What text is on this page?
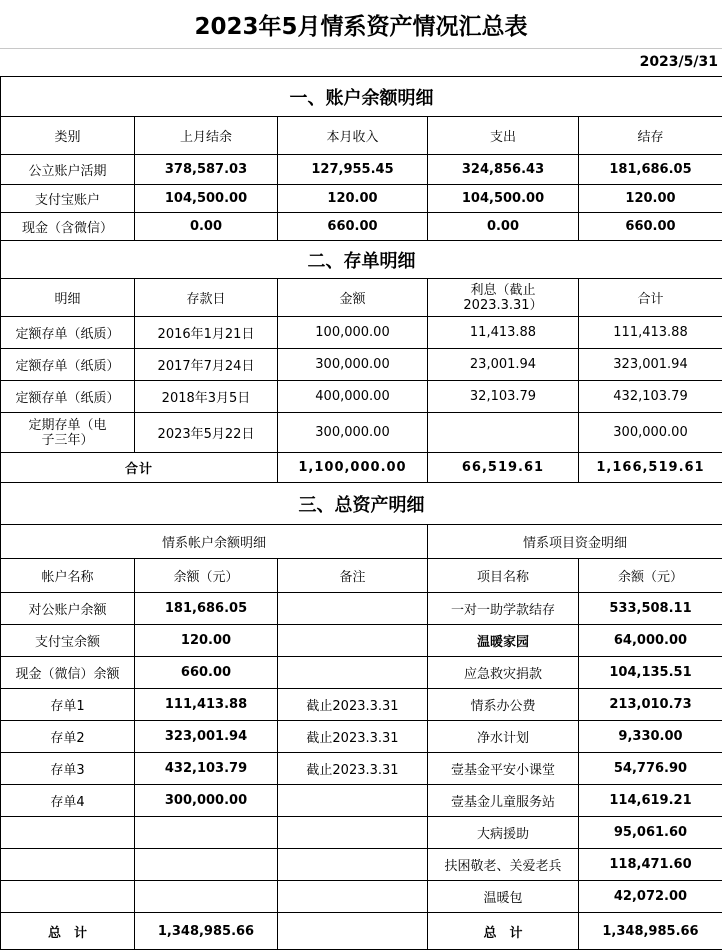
2023年5月情系资产情况汇总表
2023/5/31
一、账户余额明细				
类别	上月结余	本月收入	支出	结存
公立账户活期	378,587.03	127,955.45	324,856.43	181,686.05
支付宝账户	104,500.00	120.00	104,500.00	120.00
现金（含微信）	0.00	660.00	0.00	660.00
二、存单明细				
明细	存款日	金额	利息（截止2023.3.31）	合计
定额存单（纸质）	2016年1月21日	100,000.00	11,413.88	111,413.88
定额存单（纸质）	2017年7月24日	300,000.00	23,001.94	323,001.94
定额存单（纸质）	2018年3月5日	400,000.00	32,103.79	432,103.79
定期存单（电子三年）	2023年5月22日	300,000.00		300,000.00
合计		1,100,000.00	66,519.61	1,166,519.61
三、总资产明细				
情系帐户余额明细			情系项目资金明细	
帐户名称	余额（元）	备注	项目名称	余额（元）
对公账户余额	181,686.05		一对一助学款结存	533,508.11
支付宝余额	120.00		温暖家园	64,000.00
现金（微信）余额	660.00		应急救灾捐款	104,135.51
存单1	111,413.88	截止2023.3.31	情系办公费	213,010.73
存单2	323,001.94	截止2023.3.31	净水计划	9,330.00
存单3	432,103.79	截止2023.3.31	壹基金平安小课堂	54,776.90
存单4	300,000.00		壹基金儿童服务站	114,619.21
			大病援助	95,061.60
			扶困敬老、关爱老兵	118,471.60
			温暖包	42,072.00
总　计	1,348,985.66		总　计	1,348,985.66
